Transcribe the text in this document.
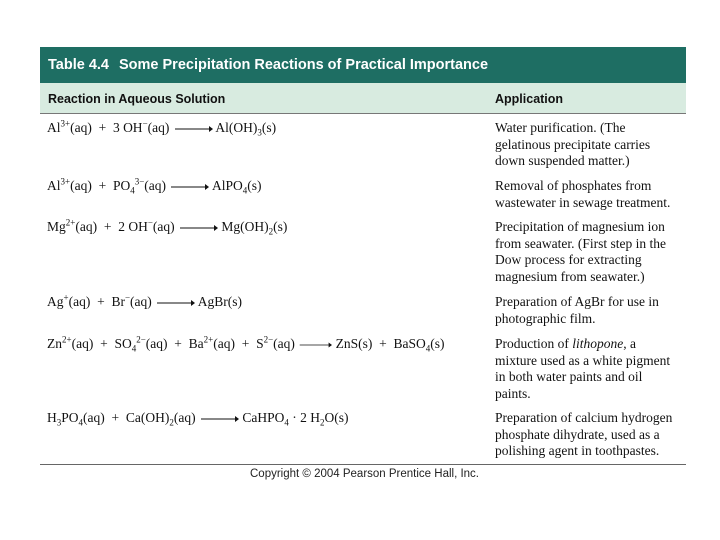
Table 4.4 Some Precipitation Reactions of Practical Importance
Reaction in Aqueous Solution	Application
$Al^{3+}(aq) + 3$ $OH^-(aq) \to Al(OH)_3(s)$	Water purification. (The
gelatinous precipitate carries
down suspended matter.)
$Al^{3+}(aq) + PO_4^{3-}(aq)$ → AlPO$_4$(s)	Removal of phosphates from
wastewater in sewage treatment.
$Mg^{2+}(aq) + 2$ $OH^-(aq) \to Mg(OH)_2(s)$	Precipitation of magnesium ion
from seawater. (First step in the
Dow process for extracting
magnesium from seawater.)
Ag+(aq) + Br−(aq) → AgBr(s)	Preparation of AgBr for use in
photographic film.
$Zn^{2+}(aq) + SO_4^{2-}(aq) + Ba^{2+}(aq) + S^{2-}(aq) \to ZnS(s)$ + BaSO$_4$(s)	Production of lithopone, a
mixture used as a white pigment
in both water paints and oil
paints.
$H_3PO_4(aq) + Ca(OH)_2(aq)$ → CaHPO$_4$ · 2 $H_2O(s)$	Preparation of calcium hydrogen
phosphate dihydrate, used as a
polishing agent in toothpastes.
Copyright © 2004 Pearson Prentice Hall, Inc.
